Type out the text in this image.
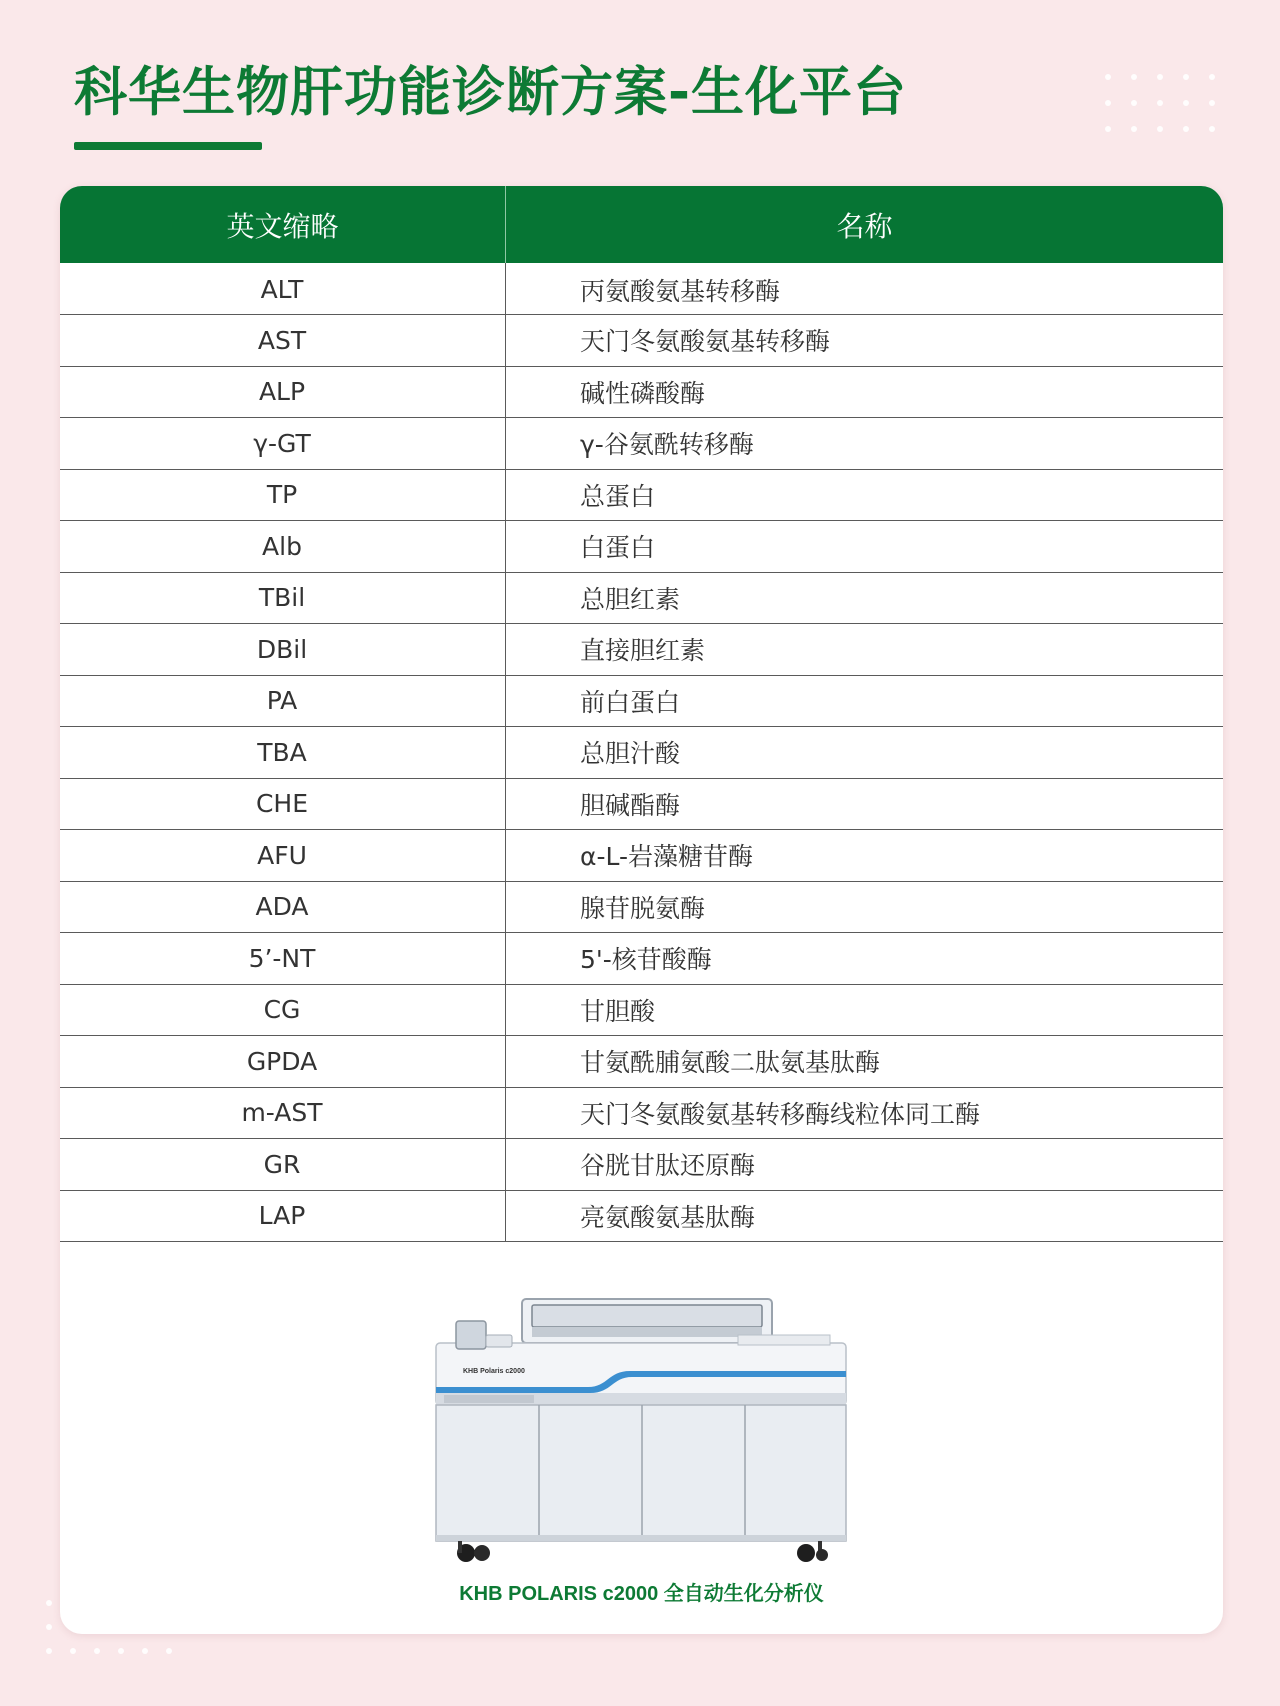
科华生物肝功能诊断方案-生化平台
英文缩略	名称
ALT	丙氨酸氨基转移酶
AST	天门冬氨酸氨基转移酶
ALP	碱性磷酸酶
γ-GT	γ-谷氨酰转移酶
TP	总蛋白
Alb	白蛋白
TBil	总胆红素
DBil	直接胆红素
PA	前白蛋白
TBA	总胆汁酸
CHE	胆碱酯酶
AFU	α-L-岩藻糖苷酶
ADA	腺苷脱氨酶
5’-NT	5'-核苷酸酶
CG	甘胆酸
GPDA	甘氨酰脯氨酸二肽氨基肽酶
m-AST	天门冬氨酸氨基转移酶线粒体同工酶
GR	谷胱甘肽还原酶
LAP	亮氨酸氨基肽酶
KHB Polaris c2000
KHB POLARIS c2000 全自动生化分析仪
